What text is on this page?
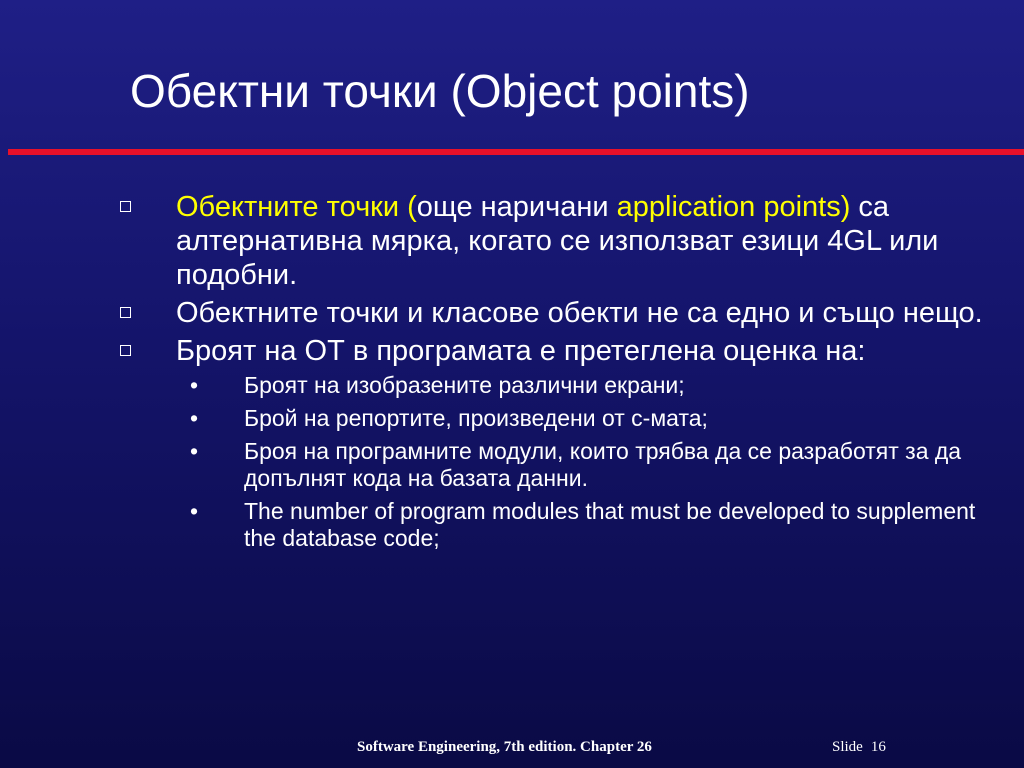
Обектни точки (Object points)
Обектните точки (още наричани application points) са алтернативна мярка, когато се използват езици 4GL или подобни.
Обектните точки и класове обекти не са едно и също нещо.
Броят на ОТ в програмата е претеглена оценка на:
•	Броят на изобразените различни екрани;
•	Брой на репортите, произведени от с-мата;
•	Броя на програмните модули, които трябва да се разработят за да допълнят кода на базата данни.
•	The number of program modules that must be developed to supplement the database code;
Software Engineering, 7th edition. Chapter 26	Slide 16
